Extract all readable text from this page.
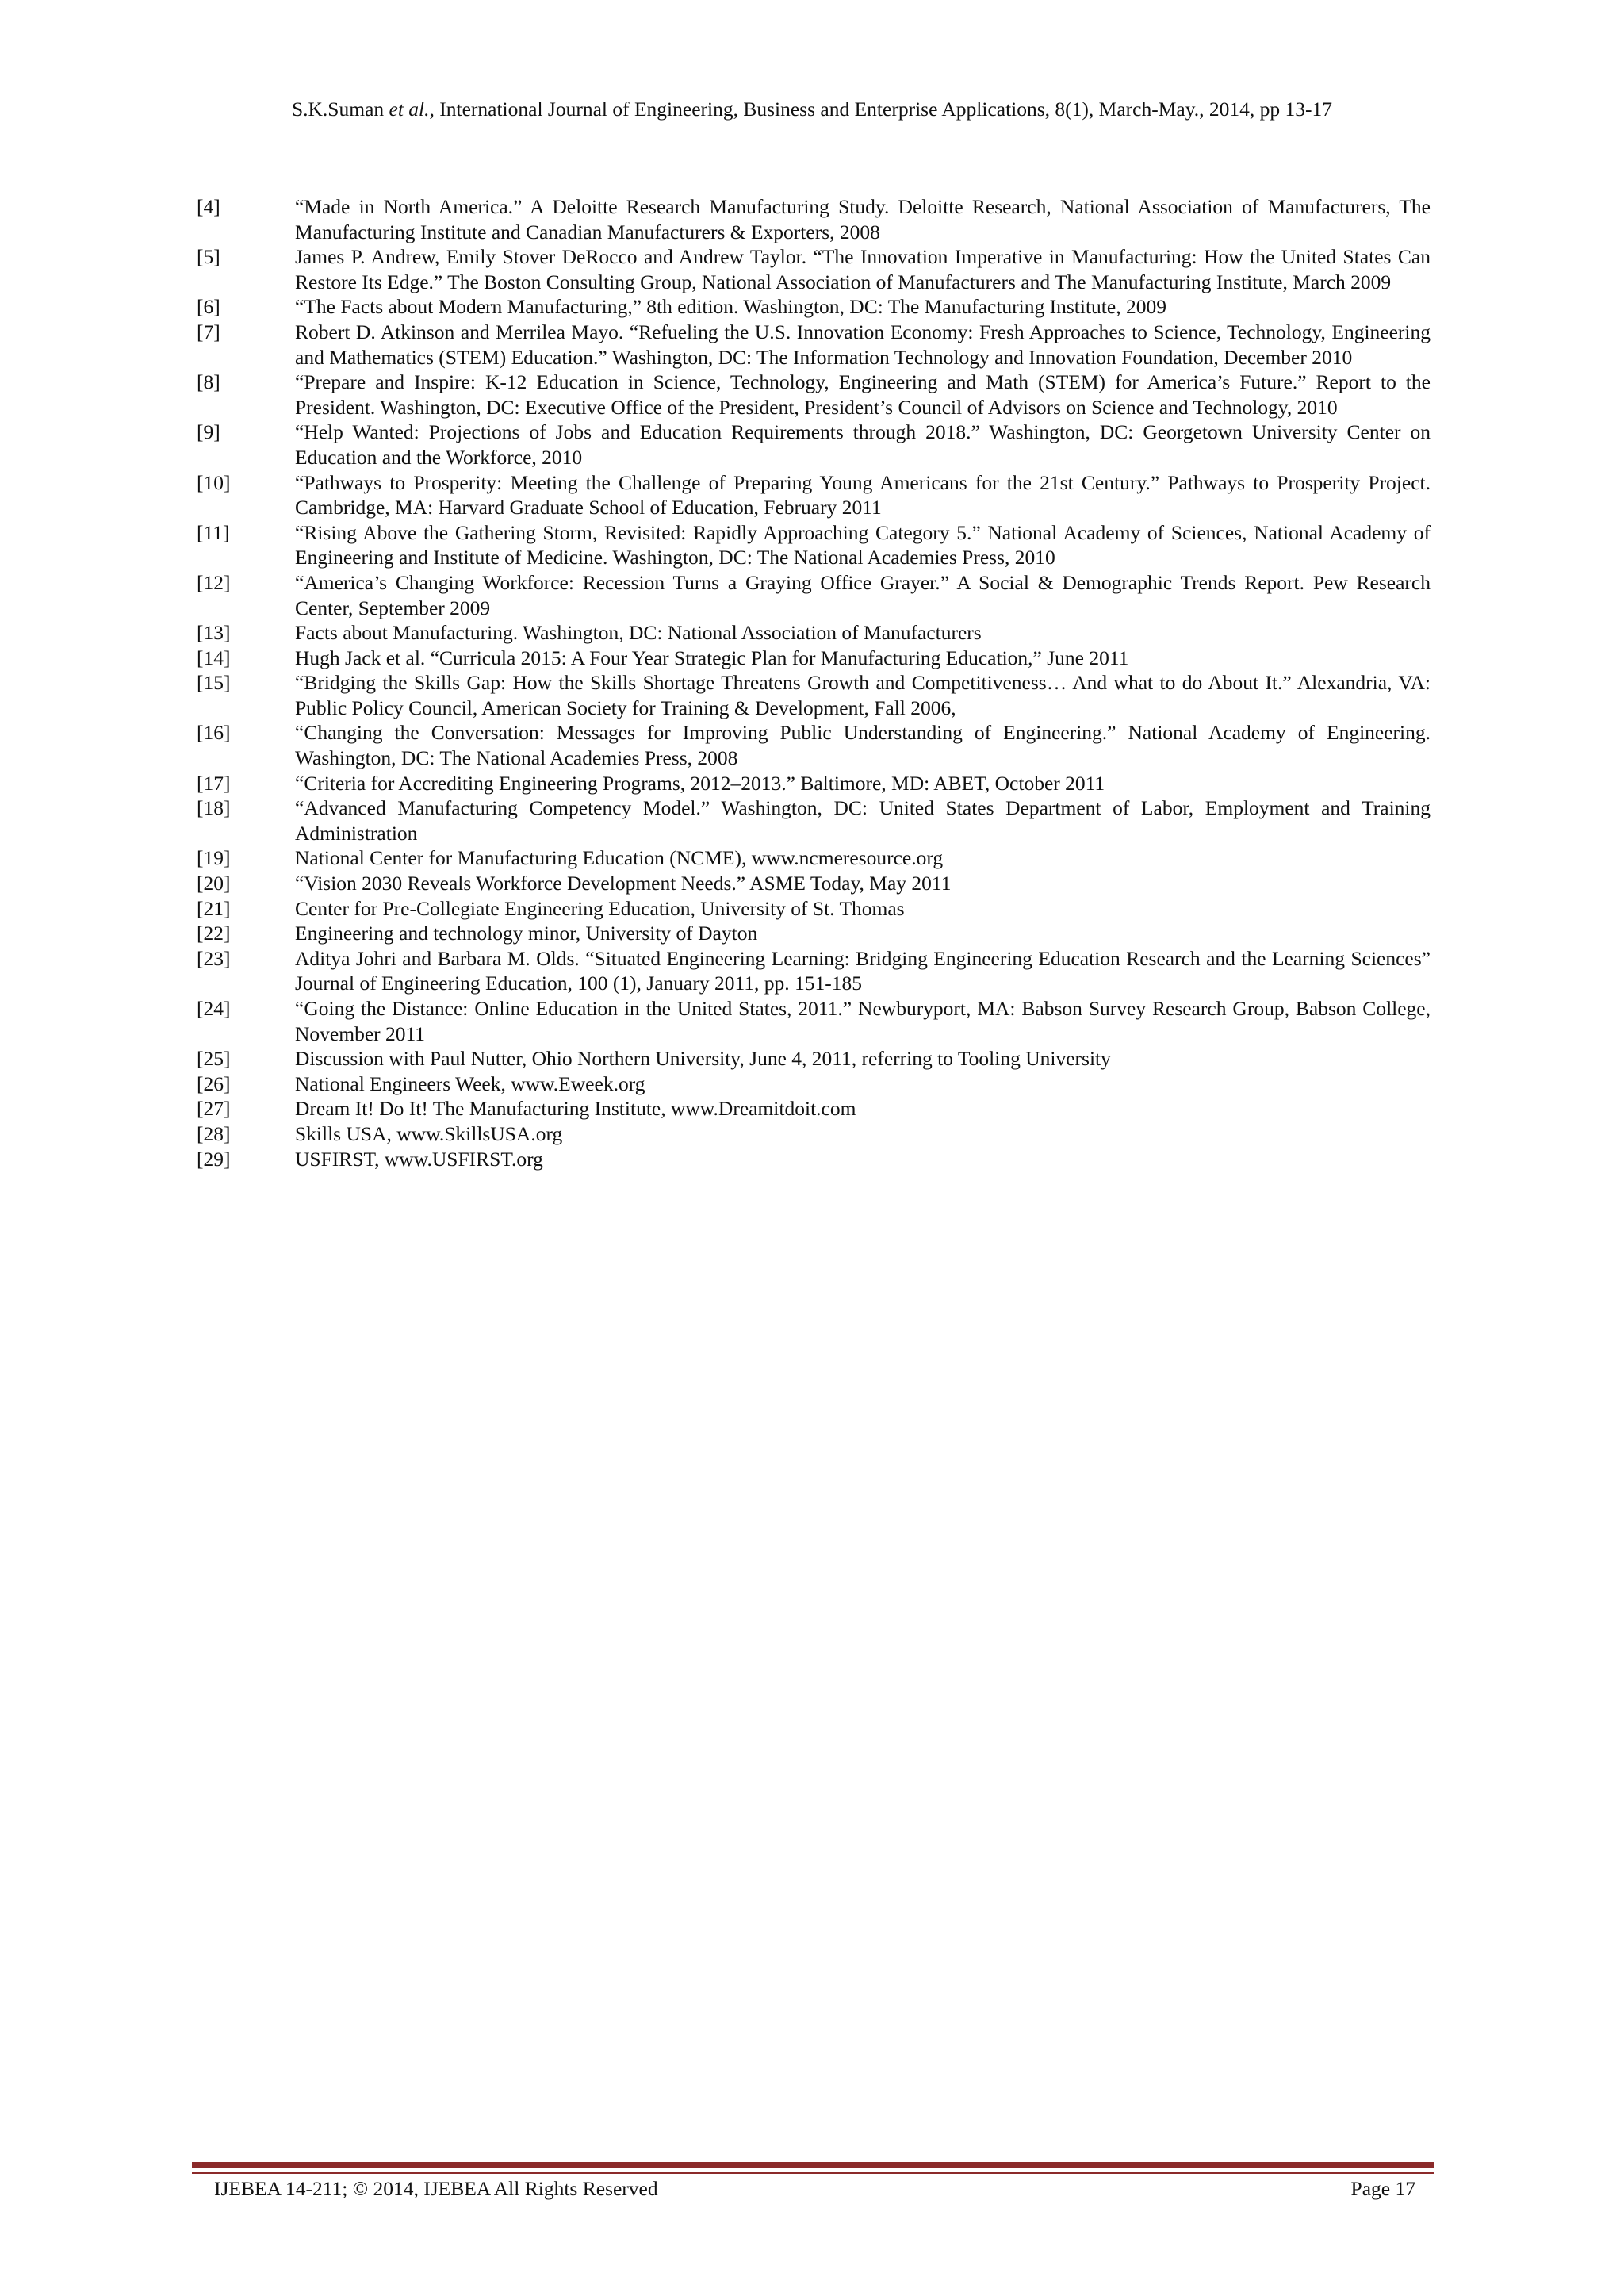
S.K.Suman et al., International Journal of Engineering, Business and Enterprise Applications, 8(1), March-May., 2014, pp 13-17
[4]	“Made in North America.” A Deloitte Research Manufacturing Study. Deloitte Research, National Association of Manufacturers, The Manufacturing Institute and Canadian Manufacturers & Exporters, 2008
[5]	James P. Andrew, Emily Stover DeRocco and Andrew Taylor. “The Innovation Imperative in Manufacturing: How the United States Can Restore Its Edge.” The Boston Consulting Group, National Association of Manufacturers and The Manufacturing Institute, March 2009
[6]	“The Facts about Modern Manufacturing,” 8th edition. Washington, DC: The Manufacturing Institute, 2009
[7]	Robert D. Atkinson and Merrilea Mayo. “Refueling the U.S. Innovation Economy: Fresh Approaches to Science, Technology, Engineering and Mathematics (STEM) Education.” Washington, DC: The Information Technology and Innovation Foundation, December 2010
[8]	“Prepare and Inspire: K-12 Education in Science, Technology, Engineering and Math (STEM) for America’s Future.” Report to the President. Washington, DC: Executive Office of the President, President’s Council of Advisors on Science and Technology, 2010
[9]	“Help Wanted: Projections of Jobs and Education Requirements through 2018.” Washington, DC: Georgetown University Center on Education and the Workforce, 2010
[10]	“Pathways to Prosperity: Meeting the Challenge of Preparing Young Americans for the 21st Century.” Pathways to Prosperity Project. Cambridge, MA: Harvard Graduate School of Education, February 2011
[11]	“Rising Above the Gathering Storm, Revisited: Rapidly Approaching Category 5.” National Academy of Sciences, National Academy of Engineering and Institute of Medicine. Washington, DC: The National Academies Press, 2010
[12]	“America’s Changing Workforce: Recession Turns a Graying Office Grayer.” A Social & Demographic Trends Report. Pew Research Center, September 2009
[13]	Facts about Manufacturing. Washington, DC: National Association of Manufacturers
[14]	Hugh Jack et al. “Curricula 2015: A Four Year Strategic Plan for Manufacturing Education,” June 2011
[15]	“Bridging the Skills Gap: How the Skills Shortage Threatens Growth and Competitiveness… And what to do About It.” Alexandria, VA: Public Policy Council, American Society for Training & Development, Fall 2006,
[16]	“Changing the Conversation: Messages for Improving Public Understanding of Engineering.” National Academy of Engineering. Washington, DC: The National Academies Press, 2008
[17]	“Criteria for Accrediting Engineering Programs, 2012–2013.” Baltimore, MD: ABET, October 2011
[18]	“Advanced Manufacturing Competency Model.” Washington, DC: United States Department of Labor, Employment and Training Administration
[19]	National Center for Manufacturing Education (NCME), www.ncmeresource.org
[20]	“Vision 2030 Reveals Workforce Development Needs.” ASME Today, May 2011
[21]	Center for Pre-Collegiate Engineering Education, University of St. Thomas
[22]	Engineering and technology minor, University of Dayton
[23]	Aditya Johri and Barbara M. Olds. “Situated Engineering Learning: Bridging Engineering Education Research and the Learning Sciences” Journal of Engineering Education, 100 (1), January 2011, pp. 151-185
[24]	“Going the Distance: Online Education in the United States, 2011.” Newburyport, MA: Babson Survey Research Group, Babson College, November 2011
[25]	Discussion with Paul Nutter, Ohio Northern University, June 4, 2011, referring to Tooling University
[26]	National Engineers Week, www.Eweek.org
[27]	Dream It! Do It! The Manufacturing Institute, www.Dreamitdoit.com
[28]	Skills USA, www.SkillsUSA.org
[29]	USFIRST, www.USFIRST.org
IJEBEA 14-211; © 2014, IJEBEA All Rights Reserved	Page 17
